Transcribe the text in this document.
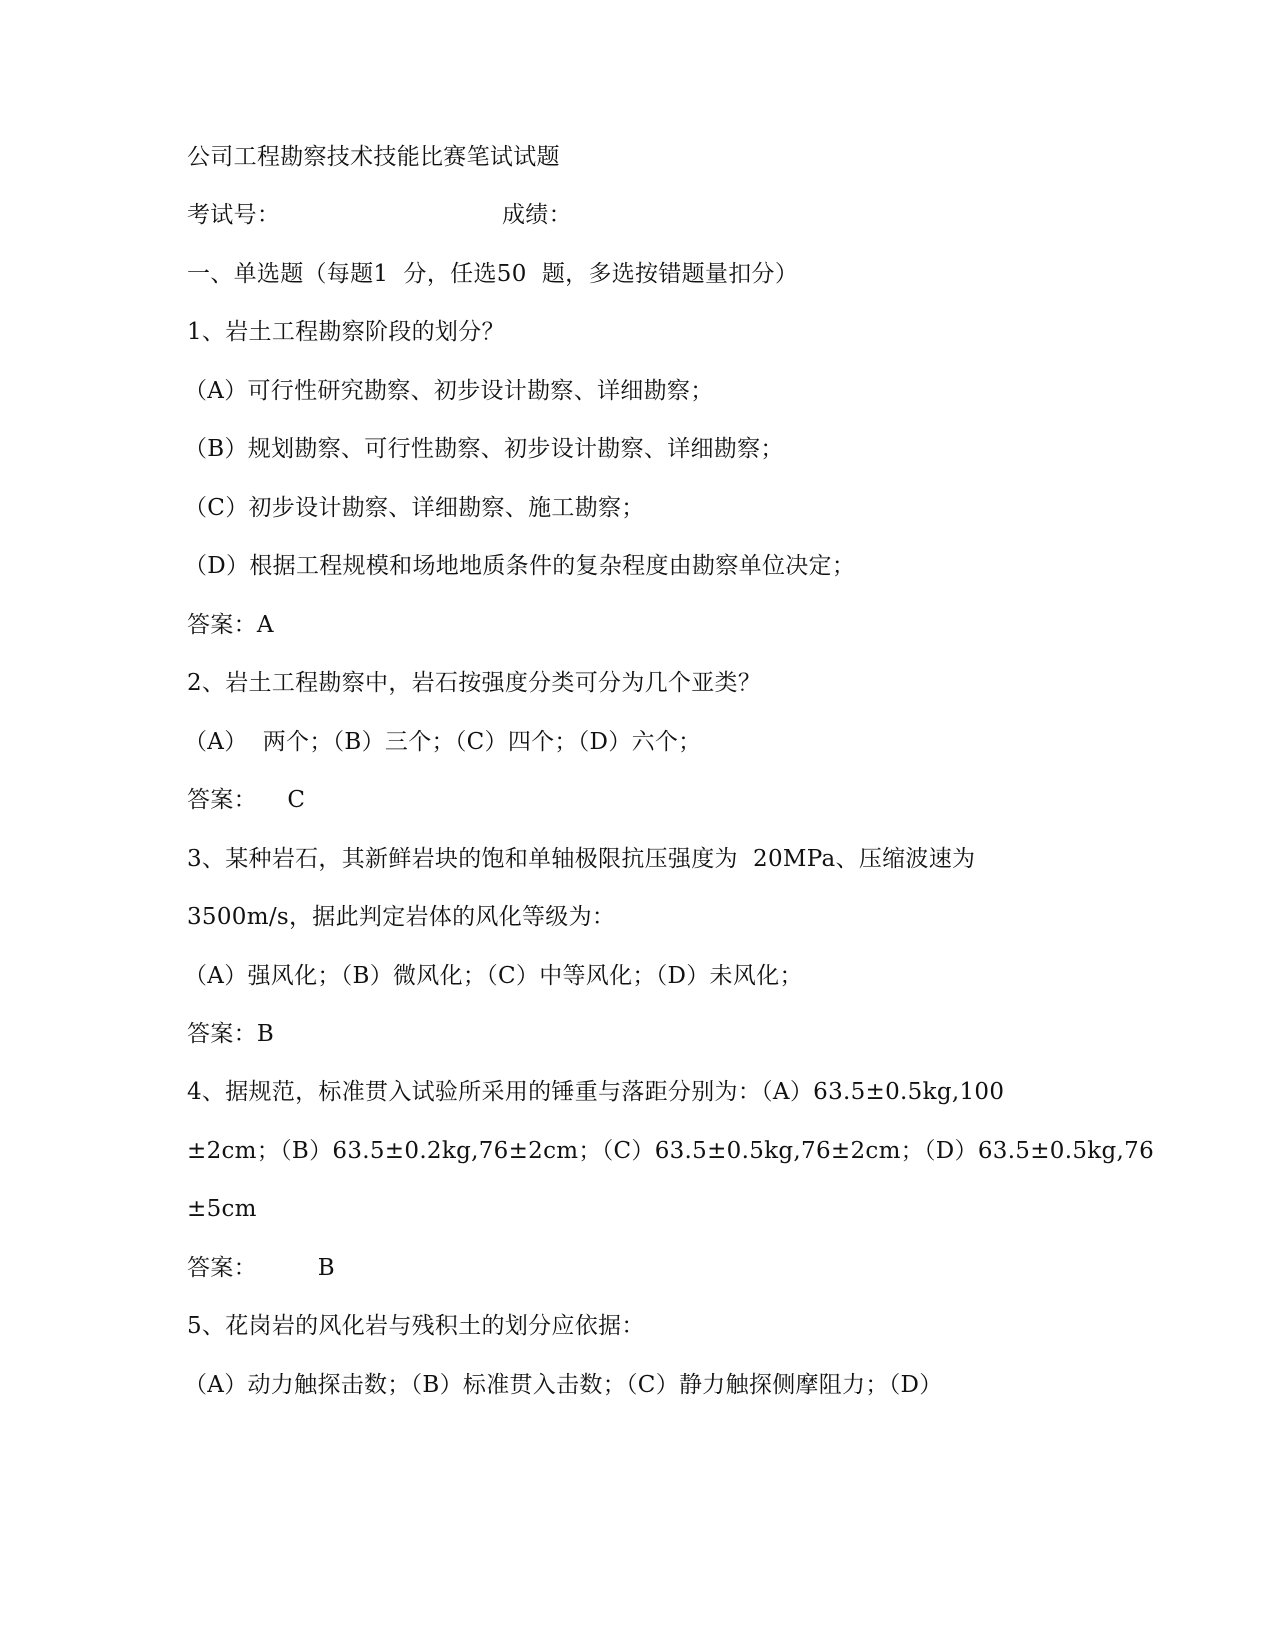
公司工程勘察技术技能比赛笔试试题
考试号：	成绩：
一、单选题（每题1  分，任选50  题，多选按错题量扣分）
1、岩土工程勘察阶段的划分？
（A）可行性研究勘察、初步设计勘察、详细勘察；
（B）规划勘察、可行性勘察、初步设计勘察、详细勘察；
（C）初步设计勘察、详细勘察、施工勘察；
（D）根据工程规模和场地地质条件的复杂程度由勘察单位决定；
答案：A
2、岩土工程勘察中，岩石按强度分类可分为几个亚类？
（A）  两个；（B）三个；（C）四个；（D）六个；
答案：    C
3、某种岩石，其新鲜岩块的饱和单轴极限抗压强度为  20MPa、压缩波速为
3500m/s，据此判定岩体的风化等级为：
（A）强风化；（B）微风化；（C）中等风化；（D）未风化；
答案：B
4、据规范，标准贯入试验所采用的锤重与落距分别为：（A）63.5±0.5kg,100
±2cm；（B）63.5±0.2kg,76±2cm；（C）63.5±0.5kg,76±2cm；（D）63.5±0.5kg,76
±5cm
答案：        B
5、花岗岩的风化岩与残积土的划分应依据：
（A）动力触探击数；（B）标准贯入击数；（C）静力触探侧摩阻力；（D）
